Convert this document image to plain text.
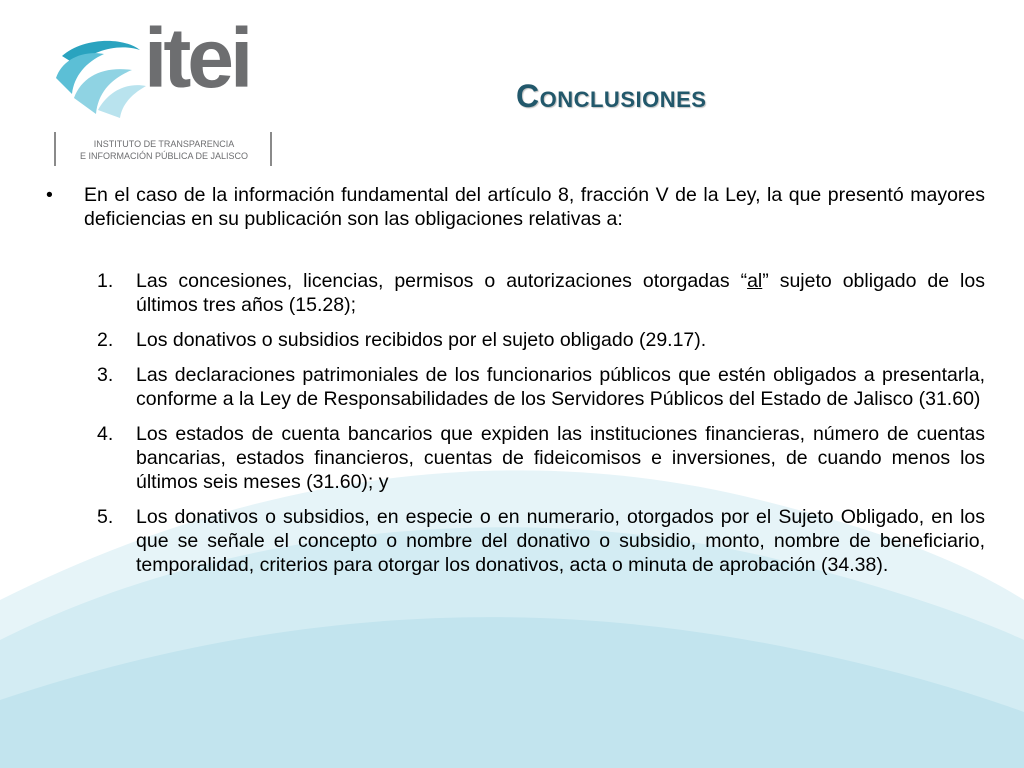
itei
INSTITUTO DE TRANSPARENCIA
E INFORMACIÓN PÚBLICA DE JALISCO
Conclusiones
•	En el caso de la información fundamental del artículo 8, fracción V de la Ley, la que presentó mayores deficiencias en su publicación son las obligaciones relativas a:
1.	Las concesiones, licencias, permisos o autorizaciones otorgadas “al” sujeto obligado de los últimos tres años (15.28);
2.	Los donativos o subsidios recibidos por el sujeto obligado (29.17).
3.	Las declaraciones patrimoniales de los funcionarios públicos que estén obligados a presentarla, conforme a la Ley de Responsabilidades de los Servidores Públicos del Estado de Jalisco (31.60)
4.	Los estados de cuenta bancarios que expiden las instituciones financieras, número de cuentas bancarias, estados financieros, cuentas de fideicomisos e inversiones, de cuando menos los últimos seis meses (31.60); y
5.	Los donativos o subsidios, en especie o en numerario, otorgados por el Sujeto Obligado, en los que se señale el concepto o nombre del donativo o subsidio, monto, nombre de beneficiario, temporalidad, criterios para otorgar los donativos, acta o minuta de aprobación (34.38).
